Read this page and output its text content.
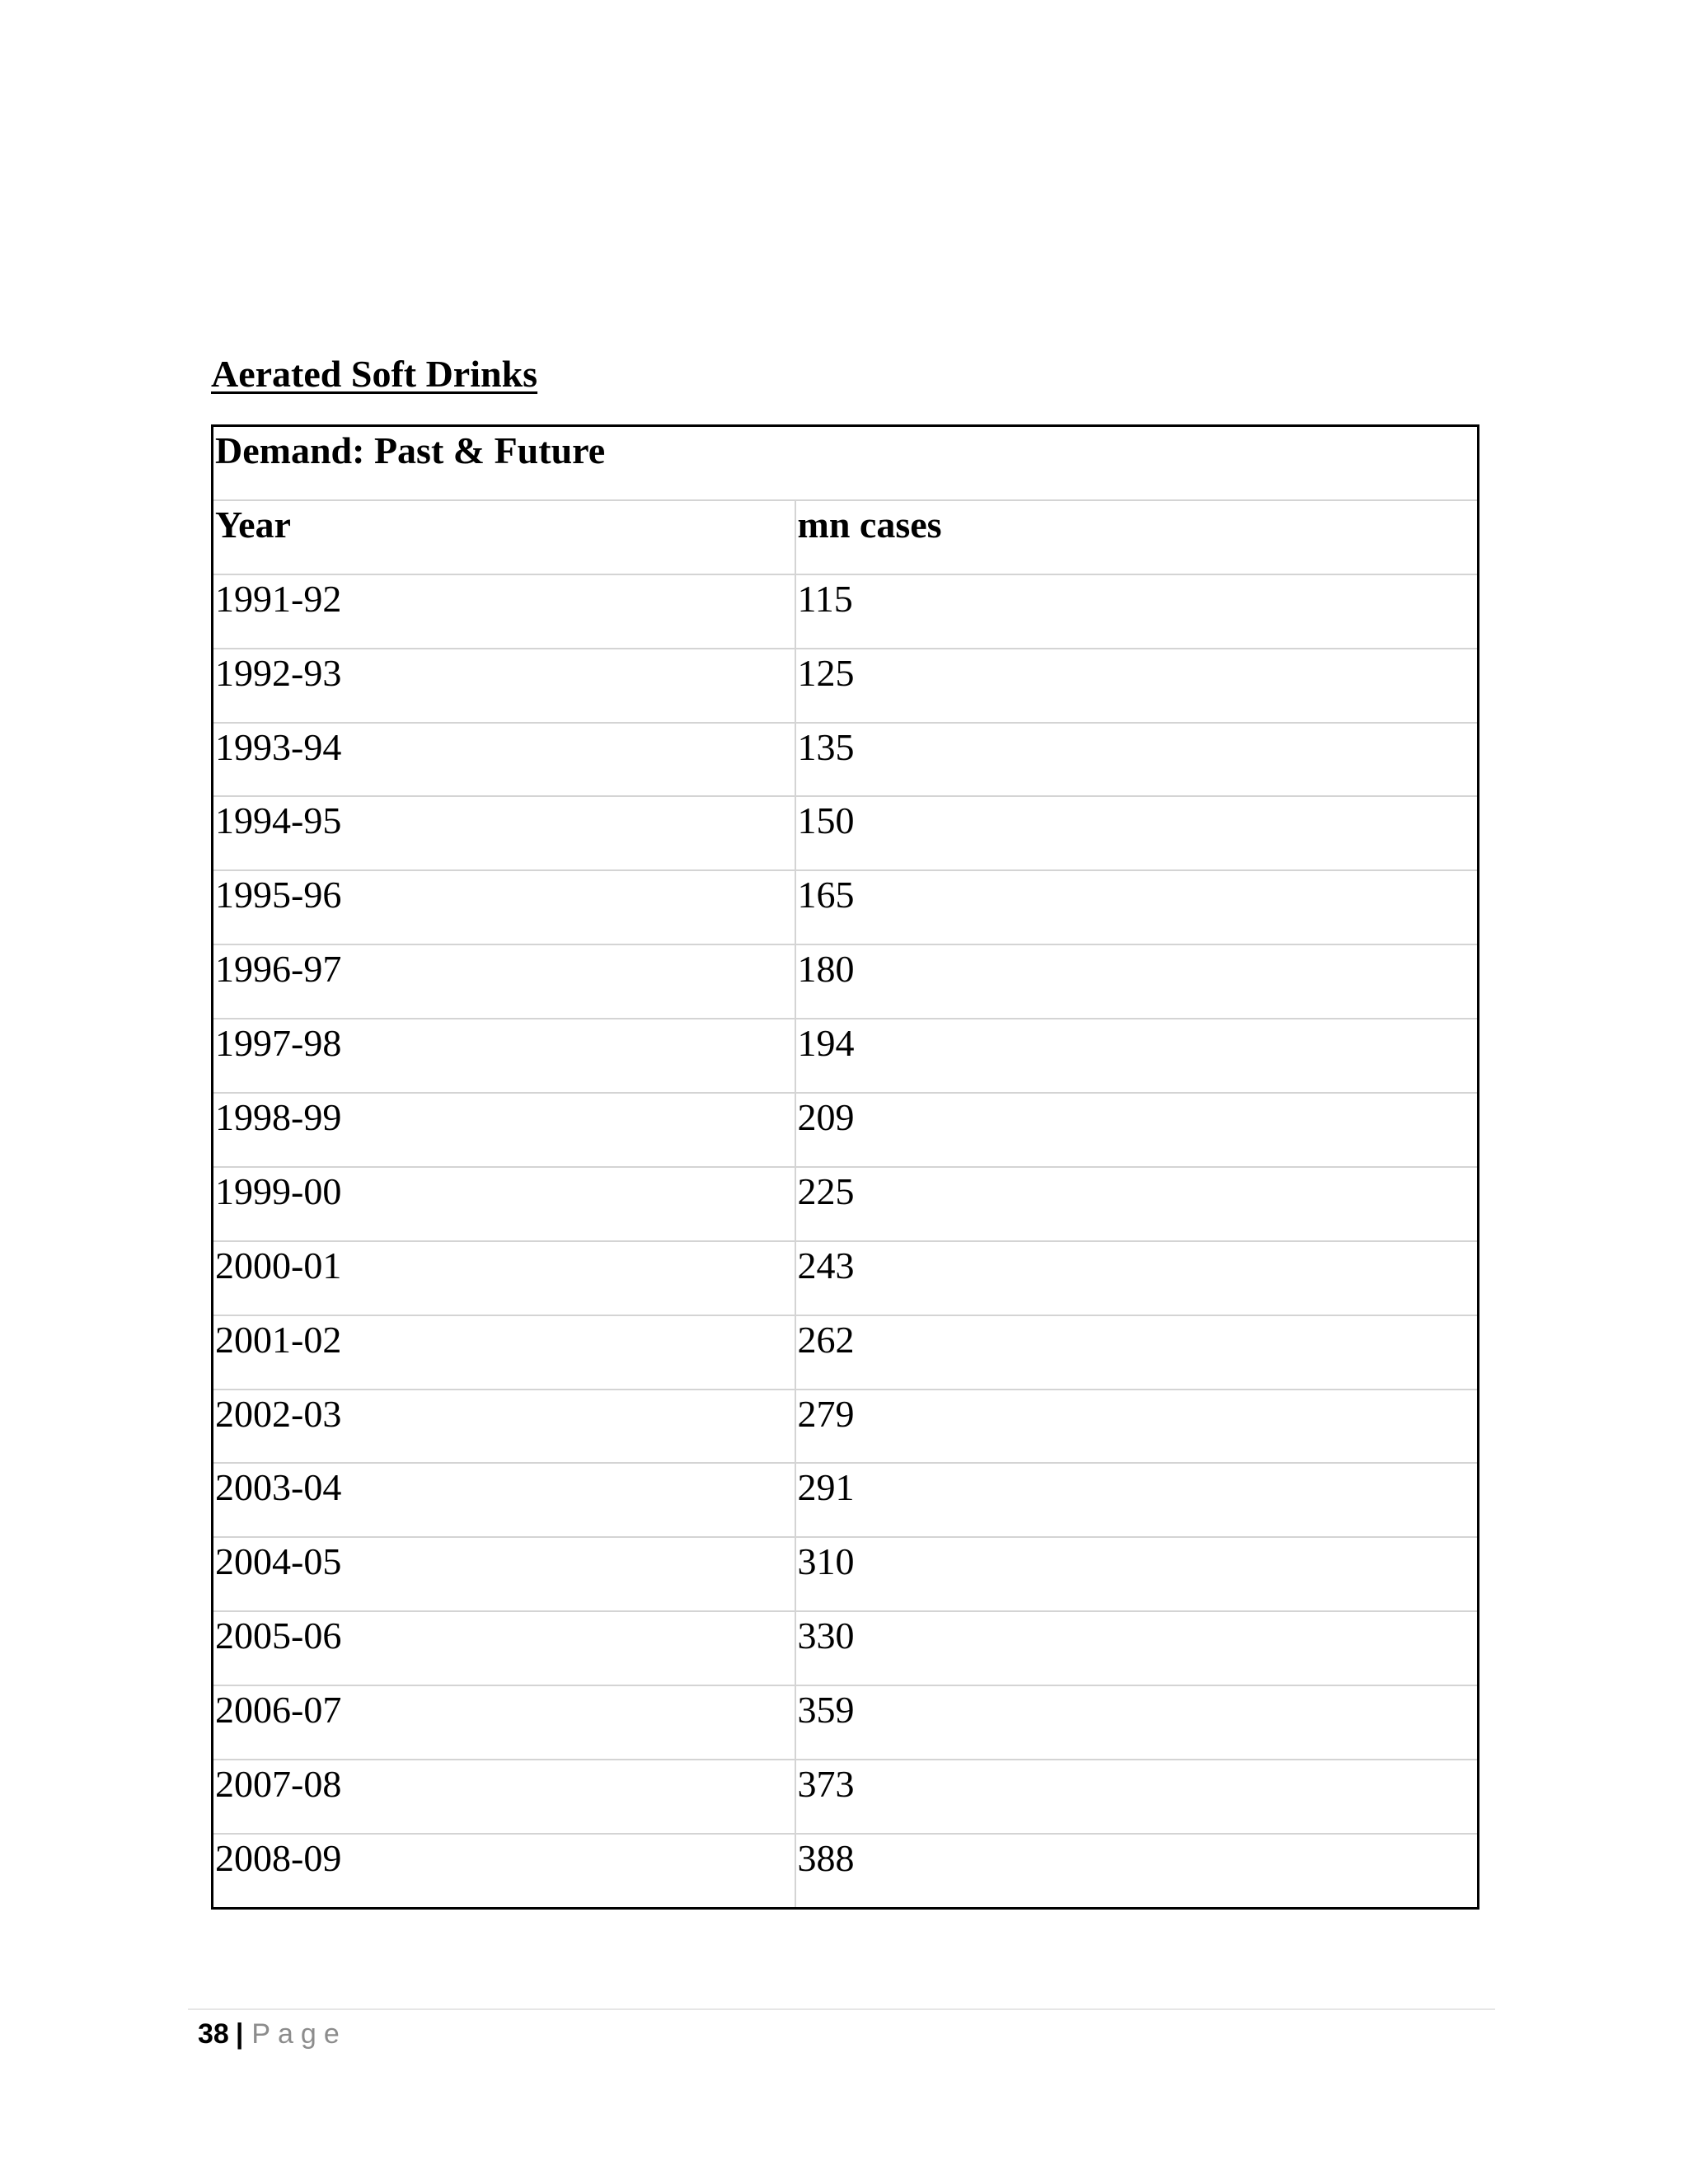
Aerated Soft Drinks
Demand: Past & Future	
Year	mn cases
1991-92	115
1992-93	125
1993-94	135
1994-95	150
1995-96	165
1996-97	180
1997-98	194
1998-99	209
1999-00	225
2000-01	243
2001-02	262
2002-03	279
2003-04	291
2004-05	310
2005-06	330
2006-07	359
2007-08	373
2008-09	388
38 | Page
